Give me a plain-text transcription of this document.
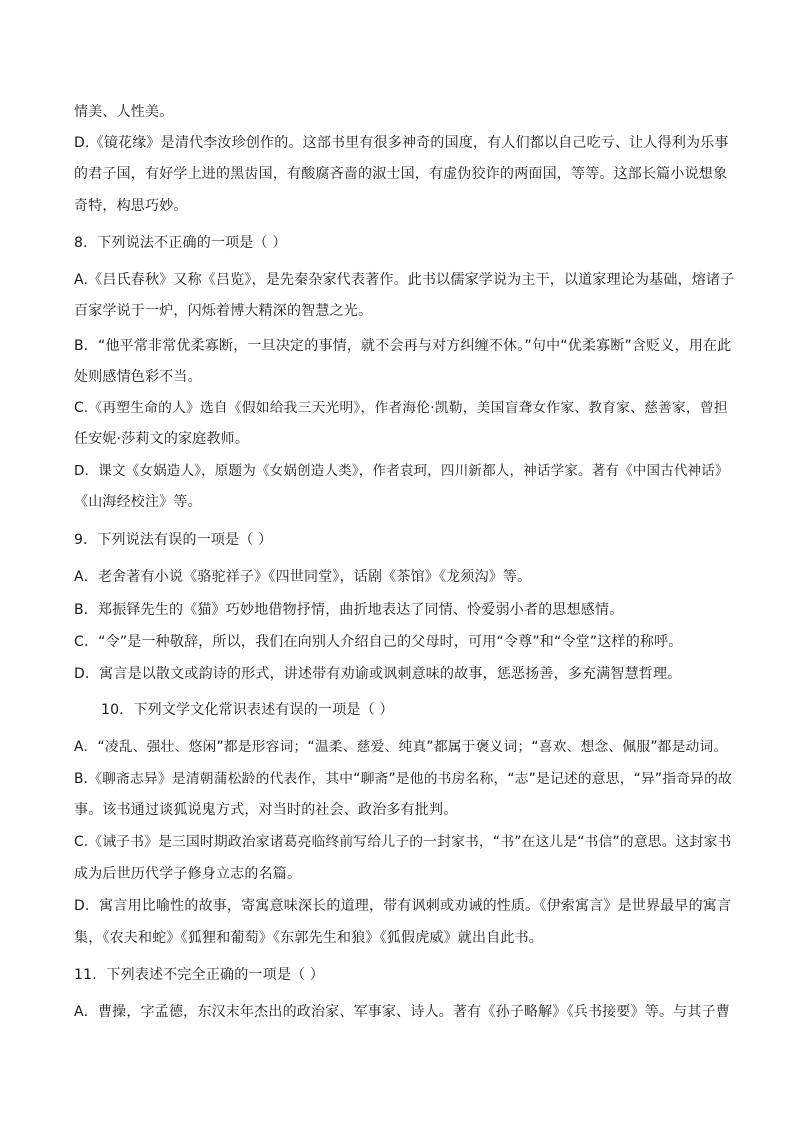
情美、人性美。
D.《镜花缘》是清代李汝珍创作的。这部书里有很多神奇的国度，有人们都以自己吃亏、让人得利为乐事
的君子国，有好学上进的黑齿国，有酸腐吝啬的淑士国，有虚伪狡诈的两面国，等等。这部长篇小说想象
奇特，构思巧妙。
8．下列说法不正确的一项是（ ）
A.《吕氏春秋》又称《吕览》，是先秦杂家代表著作。此书以儒家学说为主干，以道家理论为基础，熔诸子
百家学说于一炉，闪烁着博大精深的智慧之光。
B．“他平常非常优柔寡断，一旦决定的事情，就不会再与对方纠缠不休。”句中“优柔寡断”含贬义，用在此
处则感情色彩不当。
C.《再塑生命的人》选自《假如给我三天光明》，作者海伦·凯勒，美国盲聋女作家、教育家、慈善家，曾担
任安妮·莎莉文的家庭教师。
D．课文《女娲造人》，原题为《女娲创造人类》，作者袁珂，四川新都人，神话学家。著有《中国古代神话》
《山海经校注》等。
9．下列说法有误的一项是（ ）
A．老舍著有小说《骆驼祥子》《四世同堂》，话剧《茶馆》《龙须沟》等。
B．郑振铎先生的《猫》巧妙地借物抒情，曲折地表达了同情、怜爱弱小者的思想感情。
C．“令”是一种敬辞，所以，我们在向别人介绍自己的父母时，可用“令尊”和“令堂”这样的称呼。
D．寓言是以散文或韵诗的形式，讲述带有劝谕或讽刺意味的故事，惩恶扬善，多充满智慧哲理。
10．下列文学文化常识表述有误的一项是（ ）
A．“凌乱、强壮、悠闲”都是形容词；“温柔、慈爱、纯真”都属于褒义词；“喜欢、想念、佩服”都是动词。
B.《聊斋志异》是清朝蒲松龄的代表作，其中“聊斋”是他的书房名称，“志”是记述的意思，“异”指奇异的故
事。该书通过谈狐说鬼方式，对当时的社会、政治多有批判。
C.《诫子书》是三国时期政治家诸葛亮临终前写给儿子的一封家书，“书”在这儿是“书信”的意思。这封家书
成为后世历代学子修身立志的名篇。
D．寓言用比喻性的故事，寄寓意味深长的道理，带有讽刺或劝诫的性质。《伊索寓言》是世界最早的寓言
集，《农夫和蛇》《狐狸和葡萄》《东郭先生和狼》《狐假虎威》就出自此书。
11．下列表述不完全正确的一项是（ ）
A．曹操，字孟德，东汉末年杰出的政治家、军事家、诗人。著有《孙子略解》《兵书接要》等。与其子曹
